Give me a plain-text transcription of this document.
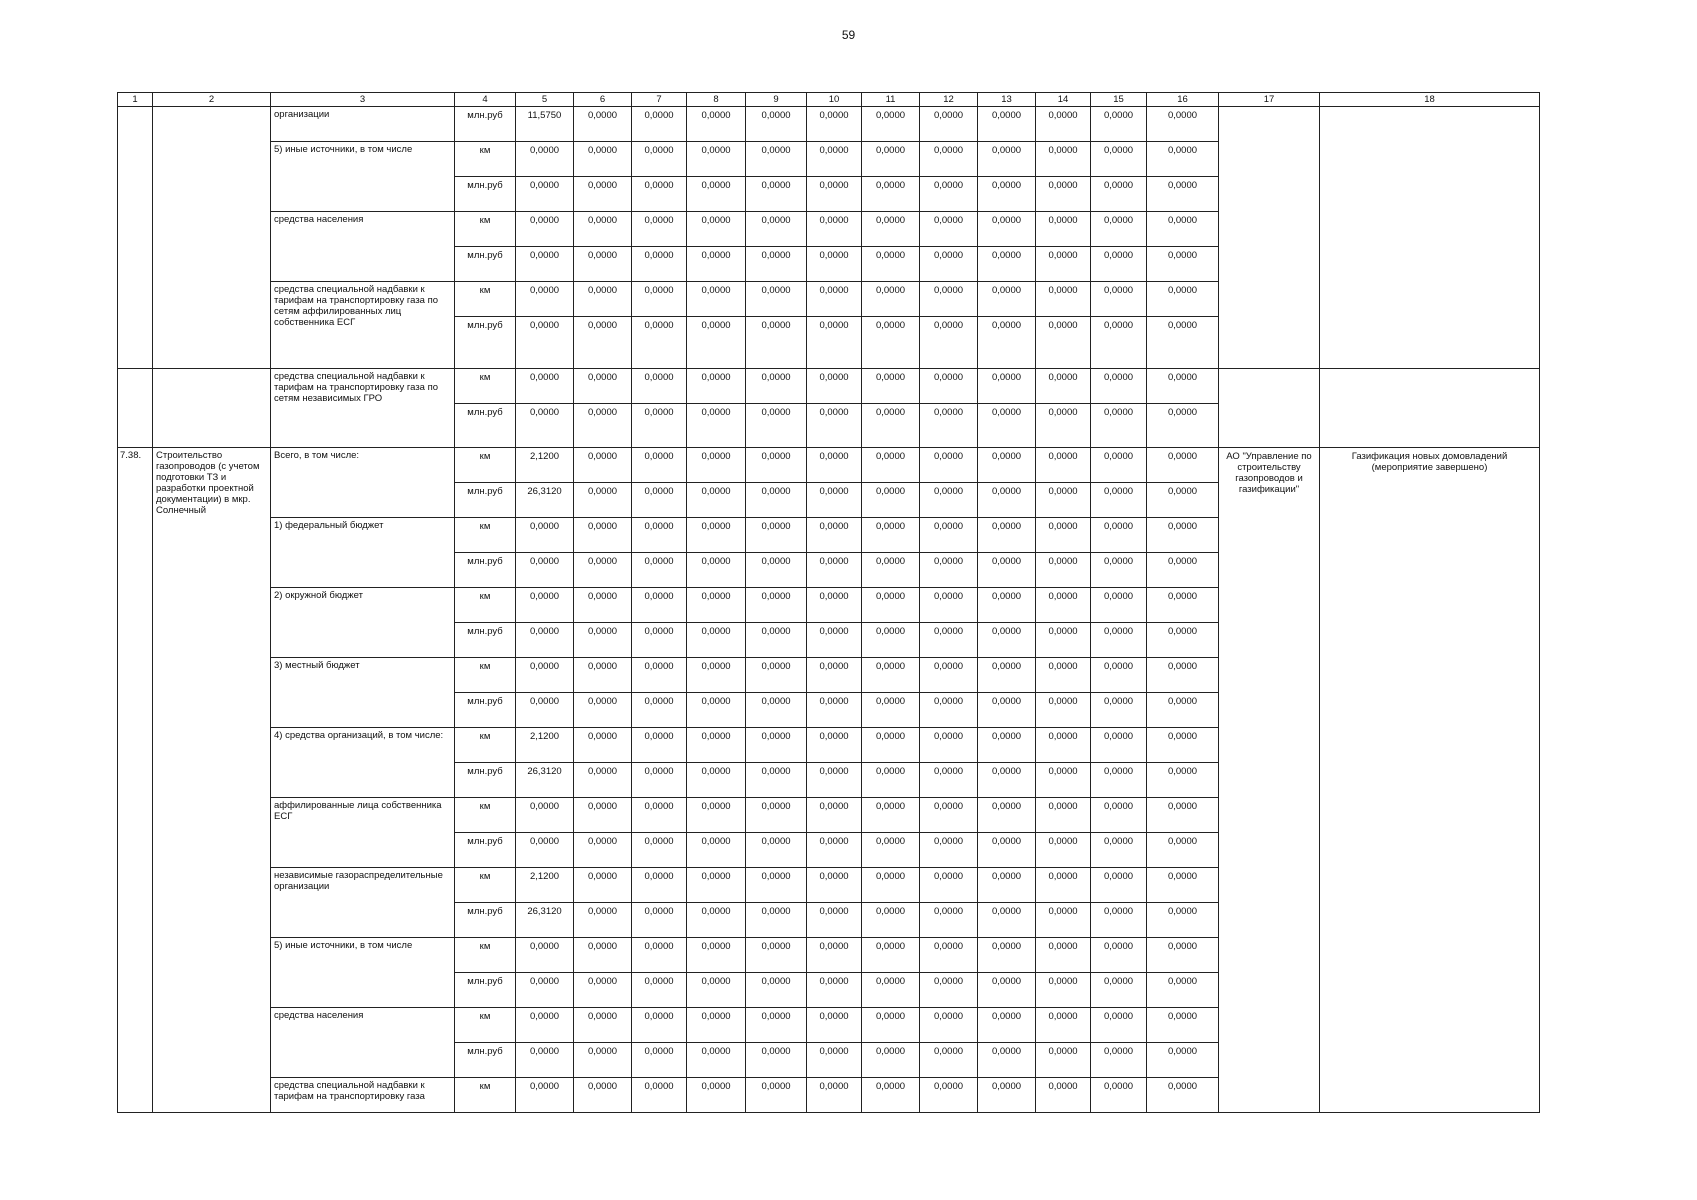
59
1	2	3	4	5	6	7	8	9	10	11	12	13	14	15	16	17	18
		организации	млн.руб	11,5750	0,0000	0,0000	0,0000	0,0000	0,0000	0,0000	0,0000	0,0000	0,0000	0,0000	0,0000		
		5) иные источники, в том числе	км	0,0000	0,0000	0,0000	0,0000	0,0000	0,0000	0,0000	0,0000	0,0000	0,0000	0,0000	0,0000		
			млн.руб	0,0000	0,0000	0,0000	0,0000	0,0000	0,0000	0,0000	0,0000	0,0000	0,0000	0,0000	0,0000		
		средства населения	км	0,0000	0,0000	0,0000	0,0000	0,0000	0,0000	0,0000	0,0000	0,0000	0,0000	0,0000	0,0000		
			млн.руб	0,0000	0,0000	0,0000	0,0000	0,0000	0,0000	0,0000	0,0000	0,0000	0,0000	0,0000	0,0000		
		средства специальной надбавки к тарифам на транспортировку газа по сетям аффилированных лиц собственника ЕСГ	км	0,0000	0,0000	0,0000	0,0000	0,0000	0,0000	0,0000	0,0000	0,0000	0,0000	0,0000	0,0000		
			млн.руб	0,0000	0,0000	0,0000	0,0000	0,0000	0,0000	0,0000	0,0000	0,0000	0,0000	0,0000	0,0000		
		средства специальной надбавки к тарифам на транспортировку газа по сетям независимых ГРО	км	0,0000	0,0000	0,0000	0,0000	0,0000	0,0000	0,0000	0,0000	0,0000	0,0000	0,0000	0,0000		
			млн.руб	0,0000	0,0000	0,0000	0,0000	0,0000	0,0000	0,0000	0,0000	0,0000	0,0000	0,0000	0,0000		
7.38.	Строительство газопроводов (с учетом подготовки ТЗ и разработки проектной документации) в мкр. Солнечный	Всего, в том числе:	км	2,1200	0,0000	0,0000	0,0000	0,0000	0,0000	0,0000	0,0000	0,0000	0,0000	0,0000	0,0000	АО "Управление по строительству газопроводов и газификации"	Газификация новых домовладений (мероприятие завершено)
			млн.руб	26,3120	0,0000	0,0000	0,0000	0,0000	0,0000	0,0000	0,0000	0,0000	0,0000	0,0000	0,0000		
		1) федеральный бюджет	км	0,0000	0,0000	0,0000	0,0000	0,0000	0,0000	0,0000	0,0000	0,0000	0,0000	0,0000	0,0000		
			млн.руб	0,0000	0,0000	0,0000	0,0000	0,0000	0,0000	0,0000	0,0000	0,0000	0,0000	0,0000	0,0000		
		2) окружной бюджет	км	0,0000	0,0000	0,0000	0,0000	0,0000	0,0000	0,0000	0,0000	0,0000	0,0000	0,0000	0,0000		
			млн.руб	0,0000	0,0000	0,0000	0,0000	0,0000	0,0000	0,0000	0,0000	0,0000	0,0000	0,0000	0,0000		
		3) местный бюджет	км	0,0000	0,0000	0,0000	0,0000	0,0000	0,0000	0,0000	0,0000	0,0000	0,0000	0,0000	0,0000		
			млн.руб	0,0000	0,0000	0,0000	0,0000	0,0000	0,0000	0,0000	0,0000	0,0000	0,0000	0,0000	0,0000		
		4) средства организаций, в том числе:	км	2,1200	0,0000	0,0000	0,0000	0,0000	0,0000	0,0000	0,0000	0,0000	0,0000	0,0000	0,0000		
			млн.руб	26,3120	0,0000	0,0000	0,0000	0,0000	0,0000	0,0000	0,0000	0,0000	0,0000	0,0000	0,0000		
		аффилированные лица собственника ЕСГ	км	0,0000	0,0000	0,0000	0,0000	0,0000	0,0000	0,0000	0,0000	0,0000	0,0000	0,0000	0,0000		
			млн.руб	0,0000	0,0000	0,0000	0,0000	0,0000	0,0000	0,0000	0,0000	0,0000	0,0000	0,0000	0,0000		
		независимые газораспределительные организации	км	2,1200	0,0000	0,0000	0,0000	0,0000	0,0000	0,0000	0,0000	0,0000	0,0000	0,0000	0,0000		
			млн.руб	26,3120	0,0000	0,0000	0,0000	0,0000	0,0000	0,0000	0,0000	0,0000	0,0000	0,0000	0,0000		
		5) иные источники, в том числе	км	0,0000	0,0000	0,0000	0,0000	0,0000	0,0000	0,0000	0,0000	0,0000	0,0000	0,0000	0,0000		
			млн.руб	0,0000	0,0000	0,0000	0,0000	0,0000	0,0000	0,0000	0,0000	0,0000	0,0000	0,0000	0,0000		
		средства населения	км	0,0000	0,0000	0,0000	0,0000	0,0000	0,0000	0,0000	0,0000	0,0000	0,0000	0,0000	0,0000		
			млн.руб	0,0000	0,0000	0,0000	0,0000	0,0000	0,0000	0,0000	0,0000	0,0000	0,0000	0,0000	0,0000		
		средства специальной надбавки к тарифам на транспортировку газа	км	0,0000	0,0000	0,0000	0,0000	0,0000	0,0000	0,0000	0,0000	0,0000	0,0000	0,0000	0,0000		
